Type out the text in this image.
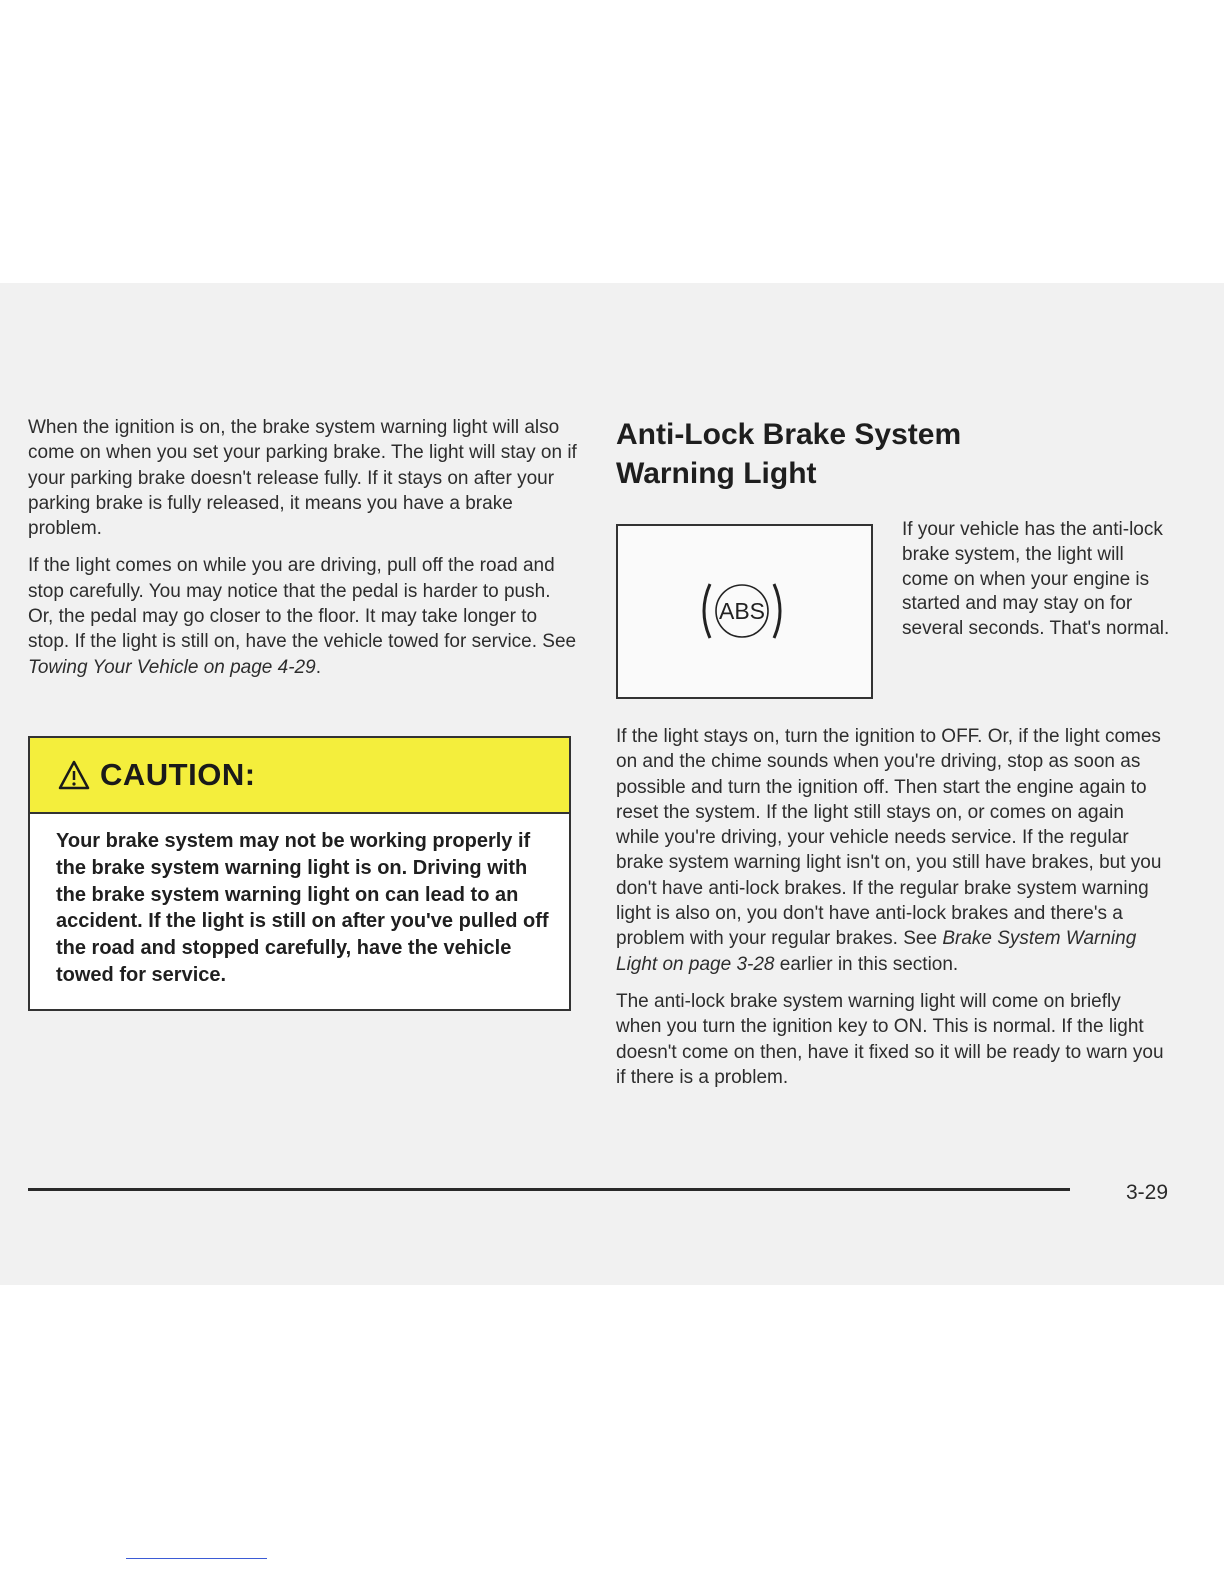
When the ignition is on, the brake system warning light will also come on when you set your parking brake. The light will stay on if your parking brake doesn't release fully. If it stays on after your parking brake is fully released, it means you have a brake problem.

If the light comes on while you are driving, pull off the road and stop carefully. You may notice that the pedal is harder to push. Or, the pedal may go closer to the floor. It may take longer to stop. If the light is still on, have the vehicle towed for service. See Towing Your Vehicle on page 4-29.

CAUTION:
Your brake system may not be working properly if the brake system warning light is on. Driving with the brake system warning light on can lead to an accident. If the light is still on after you've pulled off the road and stopped carefully, have the vehicle towed for service.
Anti-Lock Brake System
Warning Light
ABS

If your vehicle has the anti-lock brake system, the light will come on when your engine is started and may stay on for several seconds. That's normal.

If the light stays on, turn the ignition to OFF. Or, if the light comes on and the chime sounds when you're driving, stop as soon as possible and turn the ignition off. Then start the engine again to reset the system. If the light still stays on, or comes on again while you're driving, your vehicle needs service. If the regular brake system warning light isn't on, you still have brakes, but you don't have anti-lock brakes. If the regular brake system warning light is also on, you don't have anti-lock brakes and there's a problem with your regular brakes. See Brake System Warning Light on page 3-28 earlier in this section.

The anti-lock brake system warning light will come on briefly when you turn the ignition key to ON. This is normal. If the light doesn't come on then, have it fixed so it will be ready to warn you if there is a problem.

3-29
